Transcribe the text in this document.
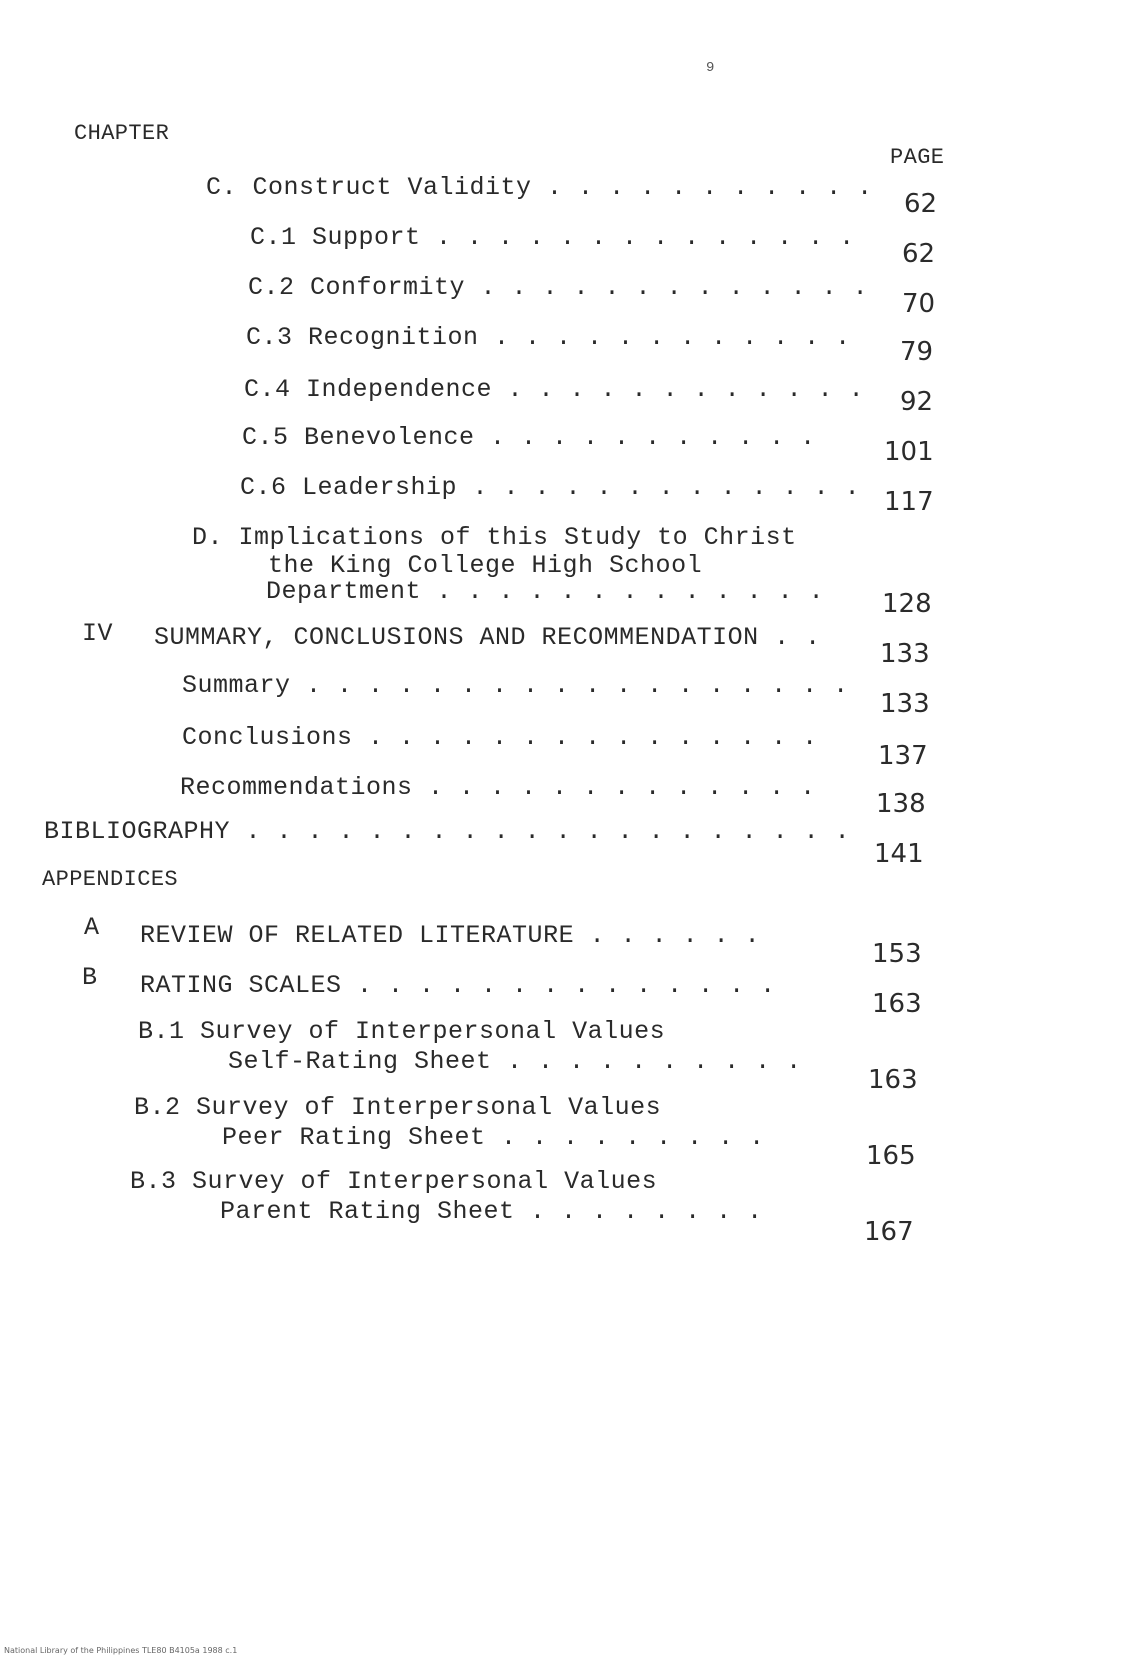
9
CHAPTER
PAGE
C. Construct Validity . . . . . . . . . . .
62
C.1 Support . . . . . . . . . . . . . .
62
C.2 Conformity . . . . . . . . . . . . .
70
C.3 Recognition . . . . . . . . . . . . 79
C.4 Independence . . . . . . . . . . . . 92
C.5 Benevolence . . . . . . . . . . .	101
C.6 Leadership . . . . . . . . . . . . . 117
D. Implications of this Study to Christ
the King College High School
Department . . . . . . . . . . . . . 128
IV SUMMARY, CONCLUSIONS AND RECOMMENDATION . .
133
Summary . . . . . . . . . . . . . . . . . .
133
Conclusions . . . . . . . . . . . . . . .
137
Recommendations . . . . . . . . . . . . .
138
BIBLIOGRAPHY . . . . . . . . . . . . . . . . . . . .
141
APPENDICES
A REVIEW OF RELATED LITERATURE . . . . . .
153
B RATING SCALES . . . . . . . . . . . . . .
163
B.1 Survey of Interpersonal Values
Self-Rating Sheet . . . . . . . . . .
163
B.2 Survey of Interpersonal Values
Peer Rating Sheet . . . . . . . . .
165
B.3 Survey of Interpersonal Values
Parent Rating Sheet . . . . . . . .
167
National Library of the Philippines TLE80 B4105a 1988 c.1
